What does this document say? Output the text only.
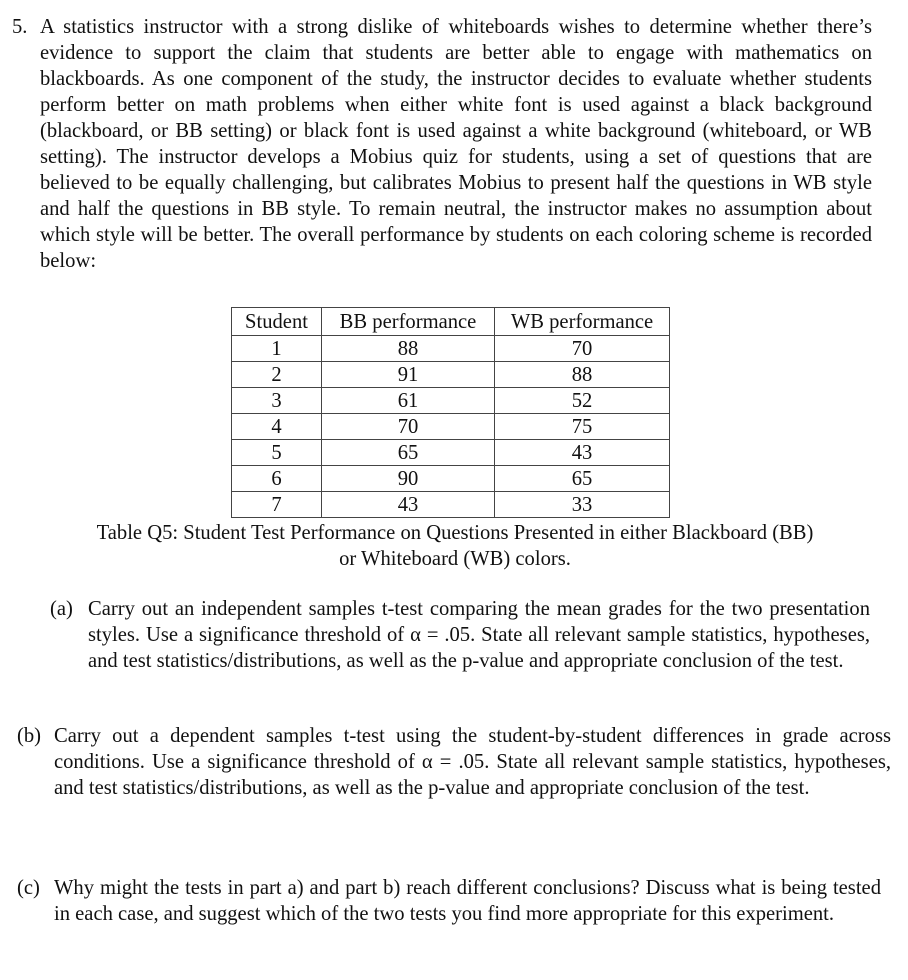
5. A statistics instructor with a strong dislike of whiteboards wishes to determine whether there’s evidence to support the claim that students are better able to engage with mathematics on blackboards. As one component of the study, the instructor decides to evaluate whether students perform better on math problems when either white font is used against a black background (blackboard, or BB setting) or black font is used against a white background (whiteboard, or WB setting). The instructor develops a Mobius quiz for students, using a set of questions that are believed to be equally challenging, but calibrates Mobius to present half the questions in WB style and half the questions in BB style. To remain neutral, the instructor makes no assumption about which style will be better. The overall performance by students on each coloring scheme is recorded below:
Student	BB performance	WB performance
1	88	70
2	91	88
3	61	52
4	70	75
5	65	43
6	90	65
7	43	33
Table Q5: Student Test Performance on Questions Presented in either Blackboard (BB)
or Whiteboard (WB) colors.
(a) Carry out an independent samples t-test comparing the mean grades for the two presentation styles. Use a significance threshold of α = .05. State all relevant sample statistics, hypotheses, and test statistics/distributions, as well as the p-value and appropriate conclusion of the test.
(b) Carry out a dependent samples t-test using the student-by-student differences in grade across conditions. Use a significance threshold of α = .05. State all relevant sample statistics, hypotheses, and test statistics/distributions, as well as the p-value and appropriate conclusion of the test.
(c) Why might the tests in part a) and part b) reach different conclusions? Discuss what is being tested in each case, and suggest which of the two tests you find more appropriate for this experiment.
